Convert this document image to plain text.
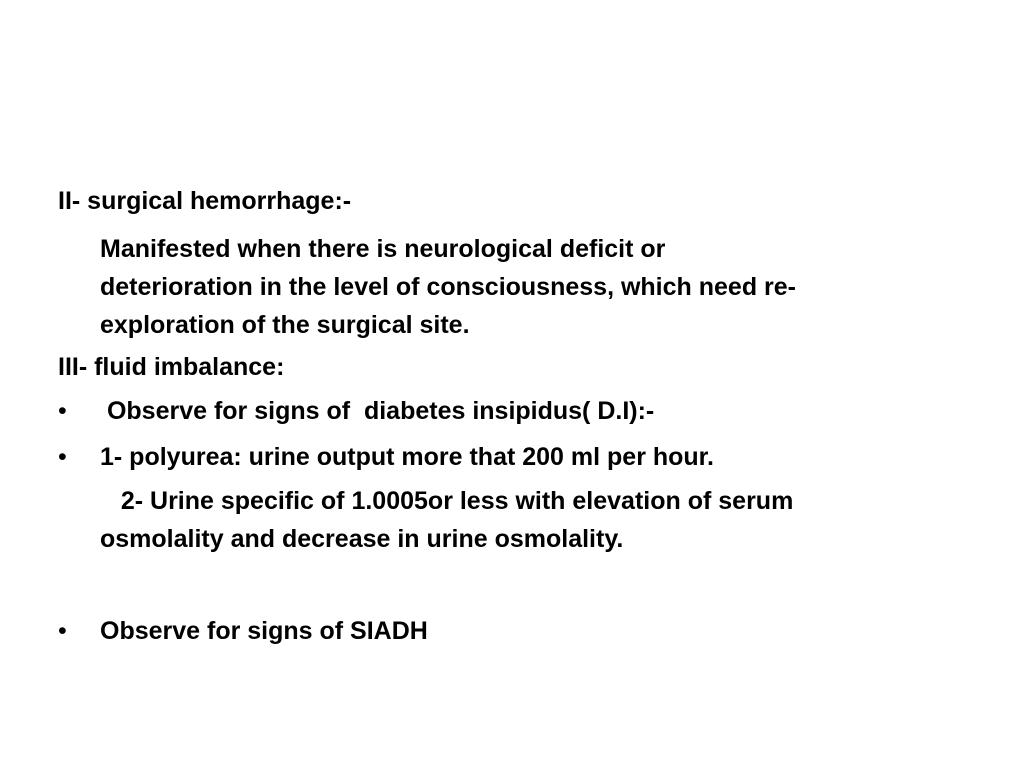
II- surgical hemorrhage:-
Manifested when there is neurological deficit or
deterioration in the level of consciousness, which need re-
exploration of the surgical site.
III- fluid imbalance:
• Observe for signs of  diabetes insipidus( D.I):-
• 1- polyurea: urine output more that 200 ml per hour.
2- Urine specific of 1.0005or less with elevation of serum
osmolality and decrease in urine osmolality.
• Observe for signs of SIADH
